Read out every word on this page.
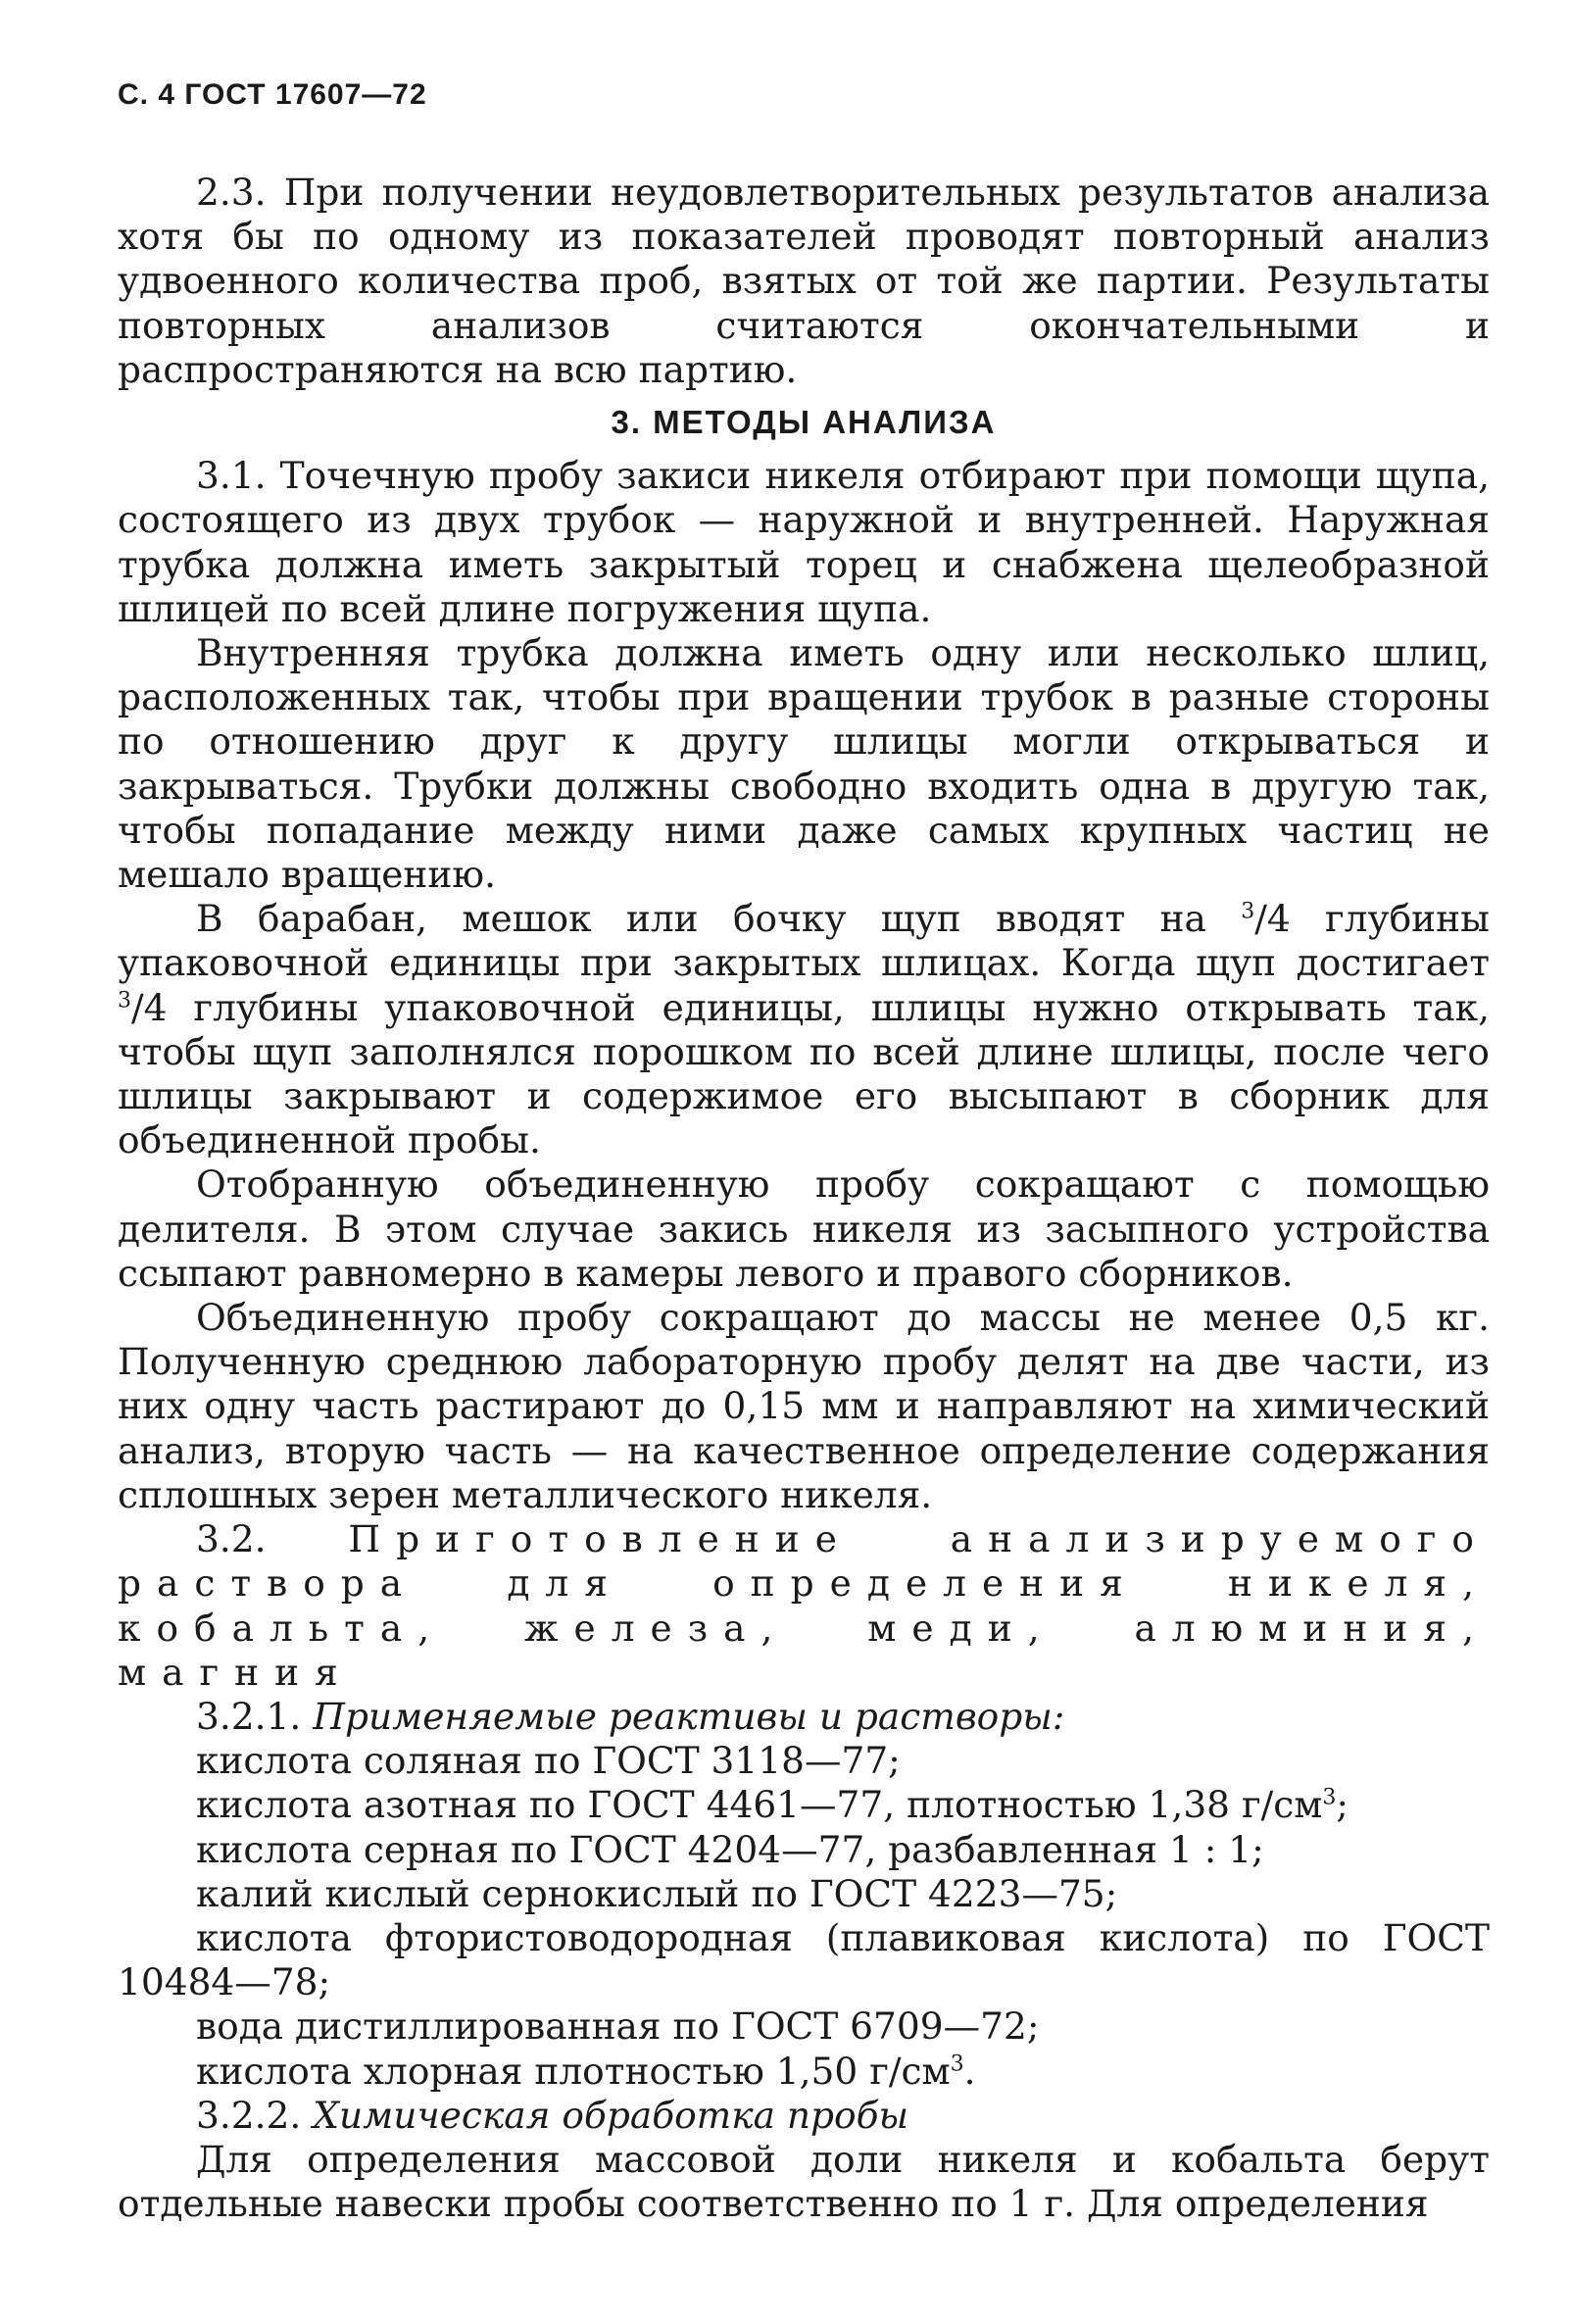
С. 4 ГОСТ 17607—72

2.3. При получении неудовлетворительных результатов анализа хотя бы по одному из показателей проводят повторный анализ удвоенного количества проб, взятых от той же партии. Результаты повторных анализов считаются окончательными и распространяются на всю партию.

3. МЕТОДЫ АНАЛИЗА

3.1. Точечную пробу закиси никеля отбирают при помощи щупа, состоящего из двух трубок — наружной и внутренней. Наружная трубка должна иметь закрытый торец и снабжена щелеобразной шлицей по всей длине погружения щупа.

Внутренняя трубка должна иметь одну или несколько шлиц, расположенных так, чтобы при вращении трубок в разные стороны по отношению друг к другу шлицы могли открываться и закрываться. Трубки должны свободно входить одна в другую так, чтобы попадание между ними даже самых крупных частиц не мешало вращению.

В барабан, мешок или бочку щуп вводят на $^3$/4 глубины упаковочной единицы при закрытых шлицах. Когда щуп достигает $^3$/4 глубины упаковочной единицы, шлицы нужно открывать так, чтобы щуп заполнялся порошком по всей длине шлицы, после чего шлицы закрывают и содержимое его высыпают в сборник для объединенной пробы.

Отобранную объединенную пробу сокращают с помощью делителя. В этом случае закись никеля из засыпного устройства ссыпают равномерно в камеры левого и правого сборников.

Объединенную пробу сокращают до массы не менее 0,5 кг. Полученную среднюю лабораторную пробу делят на две части, из них одну часть растирают до 0,15 мм и направляют на химический анализ, вторую часть — на качественное определение содержания сплошных зерен металлического никеля.

3.2. Приготовление анализируемого раствора для определения никеля, кобальта, железа, меди, алюминия, магния

3.2.1. Применяемые реактивы и растворы:

кислота соляная по ГОСТ 3118—77;

кислота азотная по ГОСТ 4461—77, плотностью 1,38 $г/см^3$;

кислота серная по ГОСТ 4204—77, разбавленная 1 : 1;

калий кислый сернокислый по ГОСТ 4223—75;

кислота фтористоводородная (плавиковая кислота) по ГОСТ 10484—78;

вода дистиллированная по ГОСТ 6709—72;

кислота хлорная плотностью 1,50 $г/см^3$.

3.2.2. Химическая обработка пробы

Для определения массовой доли никеля и кобальта берут отдельные навески пробы соответственно по 1 г. Для определения
